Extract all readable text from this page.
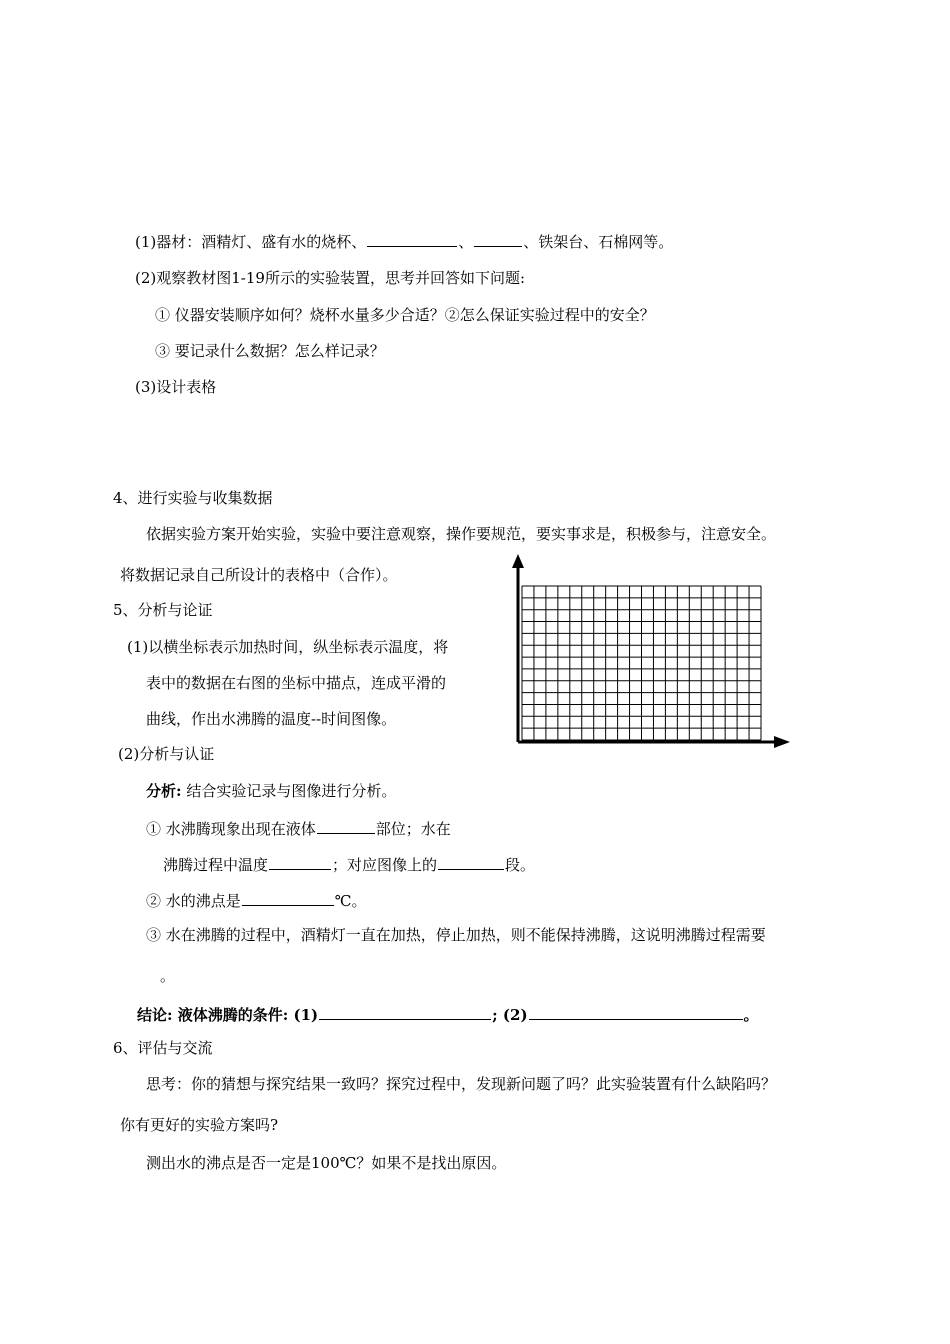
(1)器材：酒精灯、盛有水的烧杯、	、	、铁架台、石棉网等。
(2)观察教材图1-19所示的实验装置，思考并回答如下问题:
① 仪器安装顺序如何？烧杯水量多少合适？②怎么保证实验过程中的安全？
③ 要记录什么数据？怎么样记录？
(3)设计表格
4、进行实验与收集数据
依据实验方案开始实验，实验中要注意观察，操作要规范，要实事求是，积极参与，注意安全。
将数据记录自己所设计的表格中（合作）。
5、分析与论证
(1)以横坐标表示加热时间，纵坐标表示温度，将
表中的数据在右图的坐标中描点，连成平滑的
曲线，作出水沸腾的温度--时间图像。
(2)分析与认证
分析: 结合实验记录与图像进行分析。
① 水沸腾现象出现在液体	部位；水在
沸腾过程中温度	；对应图像上的	段。
② 水的沸点是	℃。
③ 水在沸腾的过程中，酒精灯一直在加热，停止加热，则不能保持沸腾，这说明沸腾过程需要
。
结论: 液体沸腾的条件: (1)	; (2)	。
6、评估与交流
思考：你的猜想与探究结果一致吗？探究过程中，发现新问题了吗？此实验装置有什么缺陷吗？
你有更好的实验方案吗?
测出水的沸点是否一定是100℃？如果不是找出原因。
